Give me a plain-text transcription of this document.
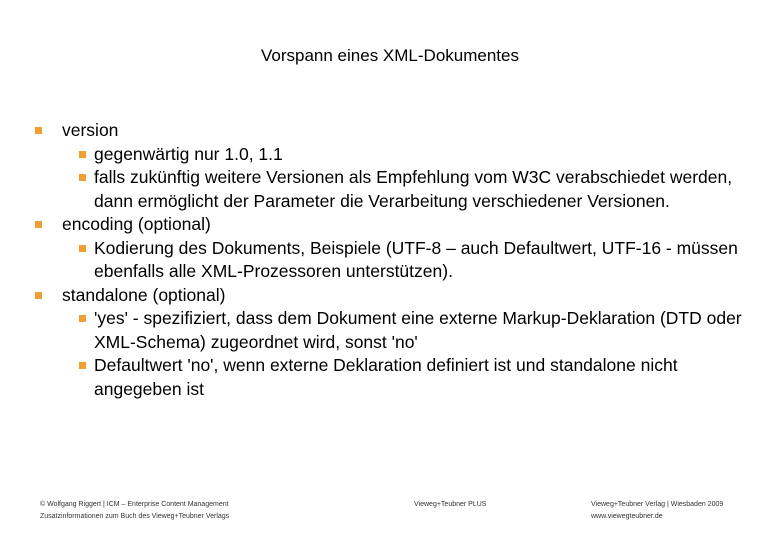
Vorspann eines XML-Dokumentes
version
gegenwärtig nur 1.0, 1.1
falls zukünftig weitere Versionen als Empfehlung vom W3C verabschiedet werden, dann ermöglicht der Parameter die Verarbeitung verschiedener Versionen.
encoding (optional)
Kodierung des Dokuments, Beispiele (UTF-8 – auch Defaultwert, UTF-16 - müssen ebenfalls alle XML-Prozessoren unterstützen).
standalone (optional)
'yes' - spezifiziert, dass dem Dokument eine externe Markup-Deklaration (DTD oder XML-Schema) zugeordnet wird, sonst 'no'
Defaultwert 'no', wenn externe Deklaration definiert ist und standalone nicht angegeben ist
© Wolfgang Riggert | ICM – Enterprise Content Management
Zusatzinformationen zum Buch des Vieweg+Teubner Verlags
Vieweg+Teubner PLUS	Vieweg+Teubner Verlag | Wiesbaden 2009
www.viewegteubner.de
